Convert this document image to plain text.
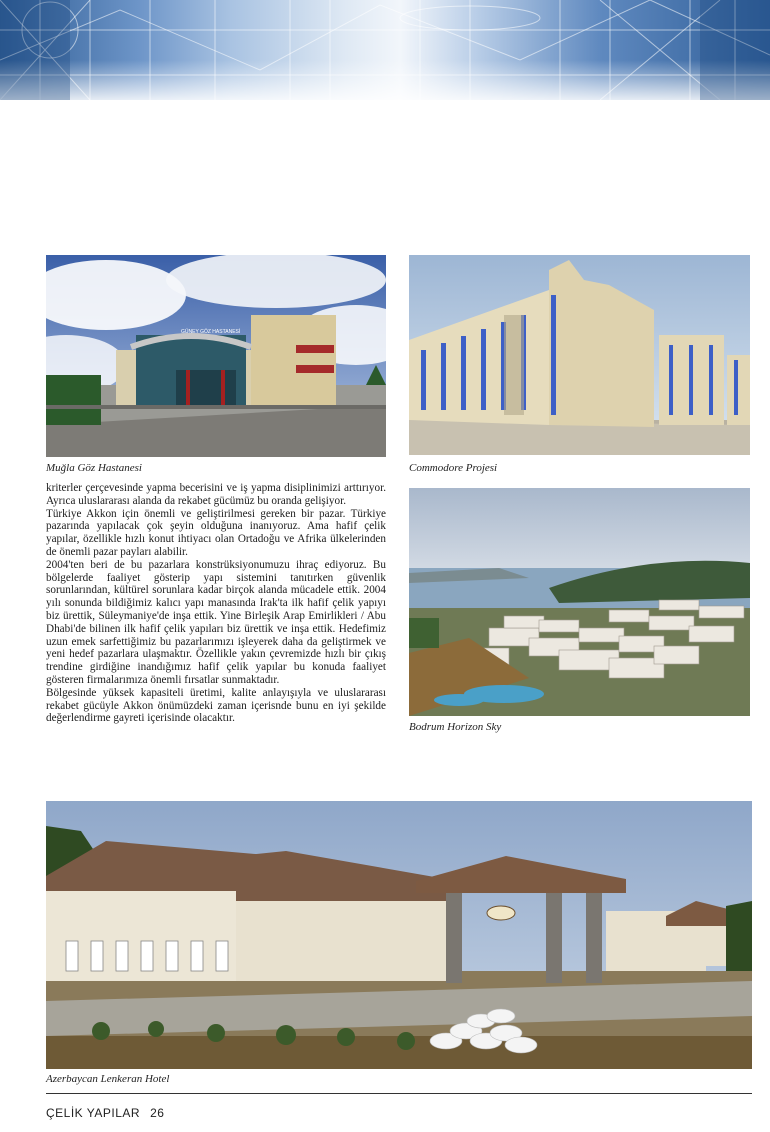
GÜNEY GÖZ HASTANESİ
Muğla Göz Hastanesi	Commodore Projesi

kriterler çerçevesinde yapma becerisini ve iş yapma disiplinimizi arttırıyor. Ayrıca uluslararası alanda da rekabet gücümüz bu oranda gelişiyor.

Türkiye Akkon için önemli ve geliştirilmesi gereken bir pazar. Türkiye pazarında yapılacak çok şeyin olduğuna inanıyoruz. Ama hafif çelik yapılar, özellikle hızlı konut ihtiyacı olan Ortadoğu ve Afrika ülkelerinden de önemli pazar payları alabilir.

2004'ten beri de bu pazarlara konstrüksiyonumuzu ihraç ediyoruz. Bu bölgelerde faaliyet gösterip yapı sistemini tanıtırken güvenlik sorunlarından, kültürel sorunlara kadar birçok alanda mücadele ettik. 2004 yılı sonunda bildiğimiz kalıcı yapı manasında Irak'ta ilk hafif çelik yapıyı biz ürettik, Süleymaniye'de inşa ettik. Yine Birleşik Arap Emirlikleri / Abu Dhabi'de bilinen ilk hafif çelik yapıları biz ürettik ve inşa ettik. Hedefimiz uzun emek sarfettiğimiz bu pazarlarımızı işleyerek daha da geliştirmek ve yeni hedef pazarlara ulaşmaktır. Özellikle yakın çevremizde hızlı bir çıkış trendine girdiğine inandığımız hafif çelik yapılar bu konuda faaliyet gösteren firmalarımıza önemli fırsatlar sunmaktadır.

Bölgesinde yüksek kapasiteli üretimi, kalite anlayışıyla ve uluslararası rekabet gücüyle Akkon önümüzdeki zaman içerisnde bunu en iyi şekilde değerlendirme gayreti içerisinde olacaktır.

Bodrum Horizon Sky
Azerbaycan Lenkeran Hotel
ÇELİK YAPILAR 26
